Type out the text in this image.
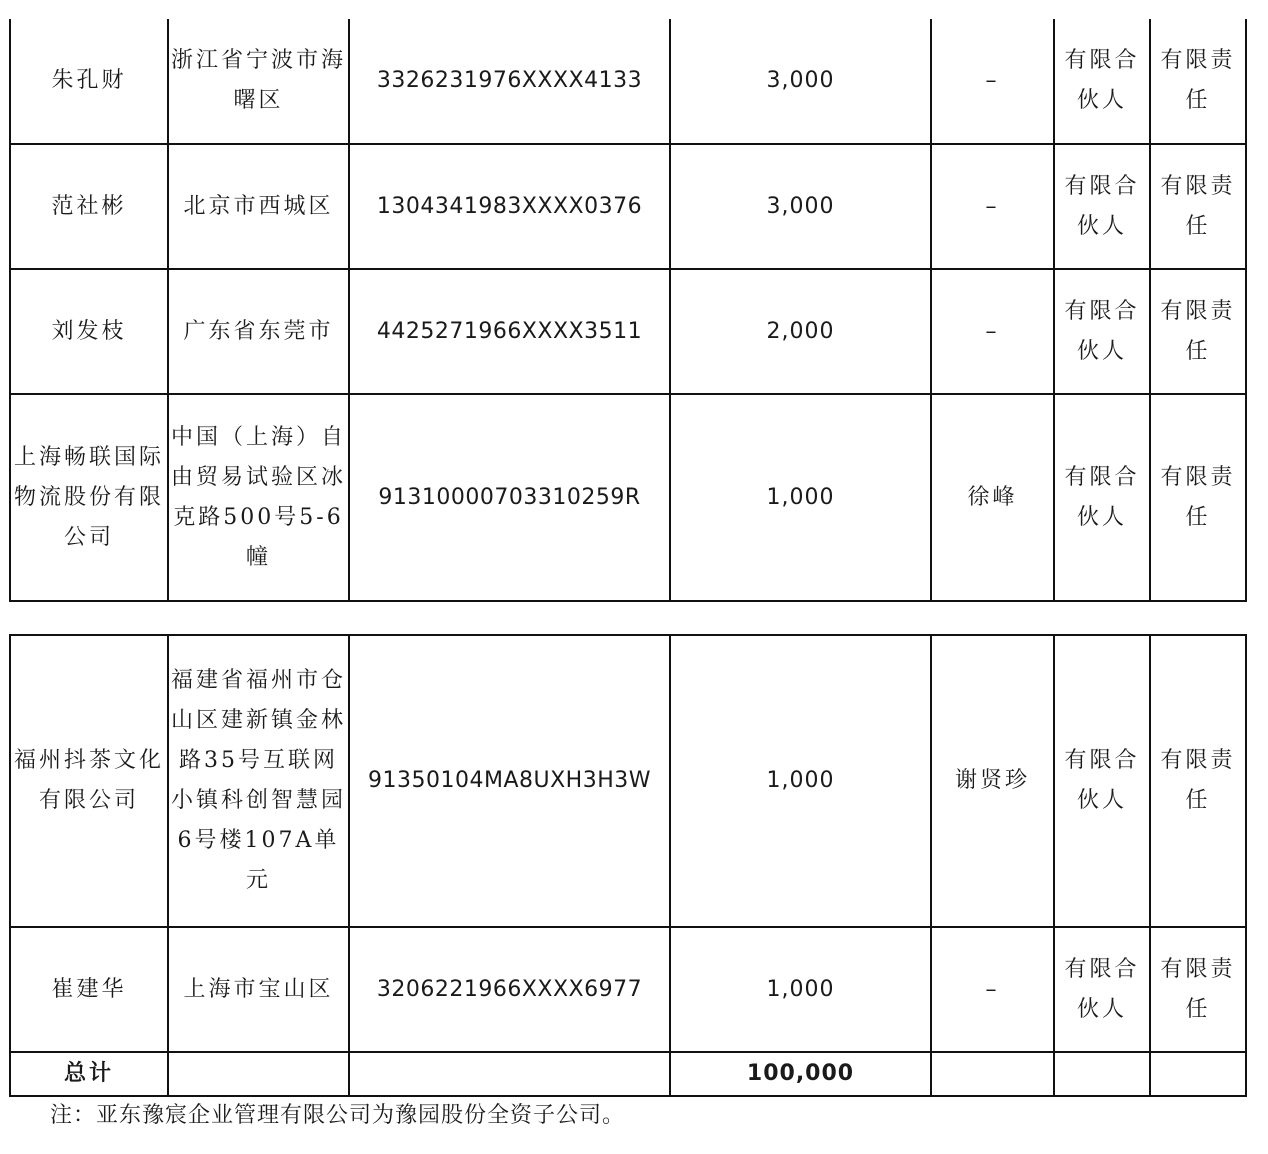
朱孔财	浙江省宁波市海曙区	3326231976XXXX4133	3,000	–	有限合伙人	有限责任
范社彬	北京市西城区	1304341983XXXX0376	3,000	–	有限合伙人	有限责任
刘发枝	广东省东莞市	4425271966XXXX3511	2,000	–	有限合伙人	有限责任
上海畅联国际物流股份有限公司	中国（上海）自由贸易试验区冰克路500号5-6幢	91310000703310259R	1,000	徐峰	有限合伙人	有限责任
福州抖茶文化有限公司	福建省福州市仓山区建新镇金林路35号互联网小镇科创智慧园6号楼107A单元	91350104MA8UXH3H3W	1,000	谢贤珍	有限合伙人	有限责任
崔建华	上海市宝山区	3206221966XXXX6977	1,000	–	有限合伙人	有限责任
总计			100,000			
注：亚东豫宸企业管理有限公司为豫园股份全资子公司。
